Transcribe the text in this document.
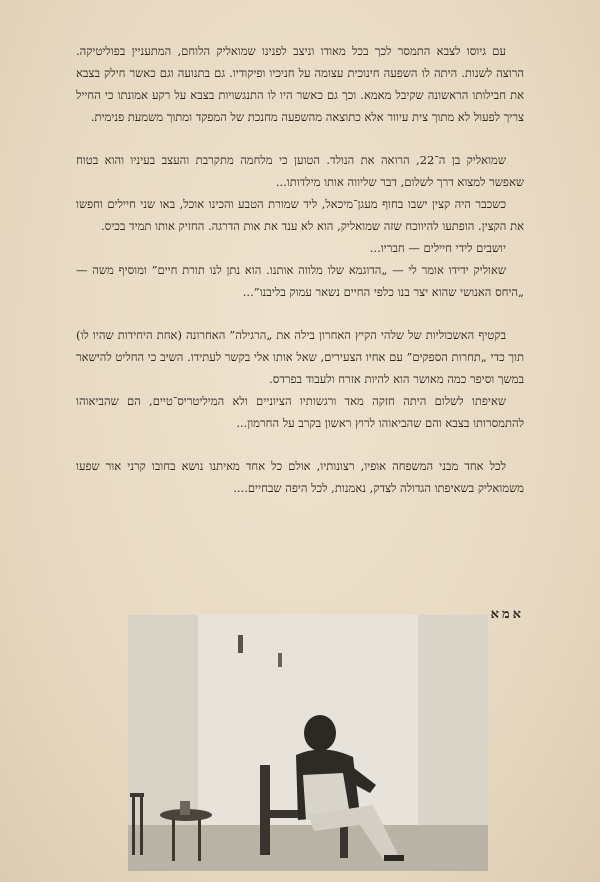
עם גיוסו לצבא התמסר לכך בכל מאודו וניצב לפנינו שמואליק הלוחם, המתעניין בפוליטיקה. הרוצה לשנות. היתה לו השפעה חינוכית עצומה על חניכיו ופיקודיו. גם בתנועה וגם כאשר חילק בצבא את חבילותו הראשונה שקיבל מאמא. וכך גם כאשר היו לו התנגשויות בצבא על רקע אמונתו כי החייל צריך לפעול לא מתוך צית עיוור אלא כתוצאה מהשפעה מחנכת של המפקד ומתוך משמעת פנימית.

שמואליק בן ה־22, הרואה את הנולד. הטוען כי מלחמה מתקרבת והעצב בעיניו והוא בטוח שאפשר למצוא דרך לשלום, דבר שליווה אותו מילדותו...

כשכבר היה קצין ישבו בחוף מעגן־מיכאל, ליד שמורת הטבע והכינו אוכל, באו שני חיילים וחפשו את הקצין. הופתעו להיווכח שזה שמואליק, הוא לא ענד את אות הדרגה. החזיק אותו תמיד בכיס.

יושבים לידי חיילים — חבריו...

שאוליק ידידו אומר לי — „הדוגמא שלו מלווה אותנו. הוא נתן לנו תורת חיים” ומוסיף משה — „היחס האנושי שהוא יצר בנו כלפי החיים נשאר עמוק בליבנו”...

בקטיף האשכוליות של שלהי הקיץ האחרון בילה את „הרגילה” האחרונה (אחת היחידות שהיו לו) תוך כדי „תחרות הספקים” עם אחיו הצעירים, שאל אותו אלי בקשר לעתידו. השיב כי החליט להישאר במשך וסיפר כמה מאושר הוא להיות אזרח ולעבוד בפרדס.

שאיפתו לשלום היתה חזקה מאד ורגשותיו הציוניים ולא המיליטריס־טיים, הם שהביאוהו להתמסרותו בצבא והם שהביאוהו לרוץ ראשון בקרב על החרמון...

לכל אחד מבני המשפחה אופיו, רצונותיו, אולם כל אחד מאיתנו נושא בחובו קרני אור שפעו משמואליק בשאיפתו הגדולה לצדק, נאמנות, לכל היפה שבחיים....

אמא
